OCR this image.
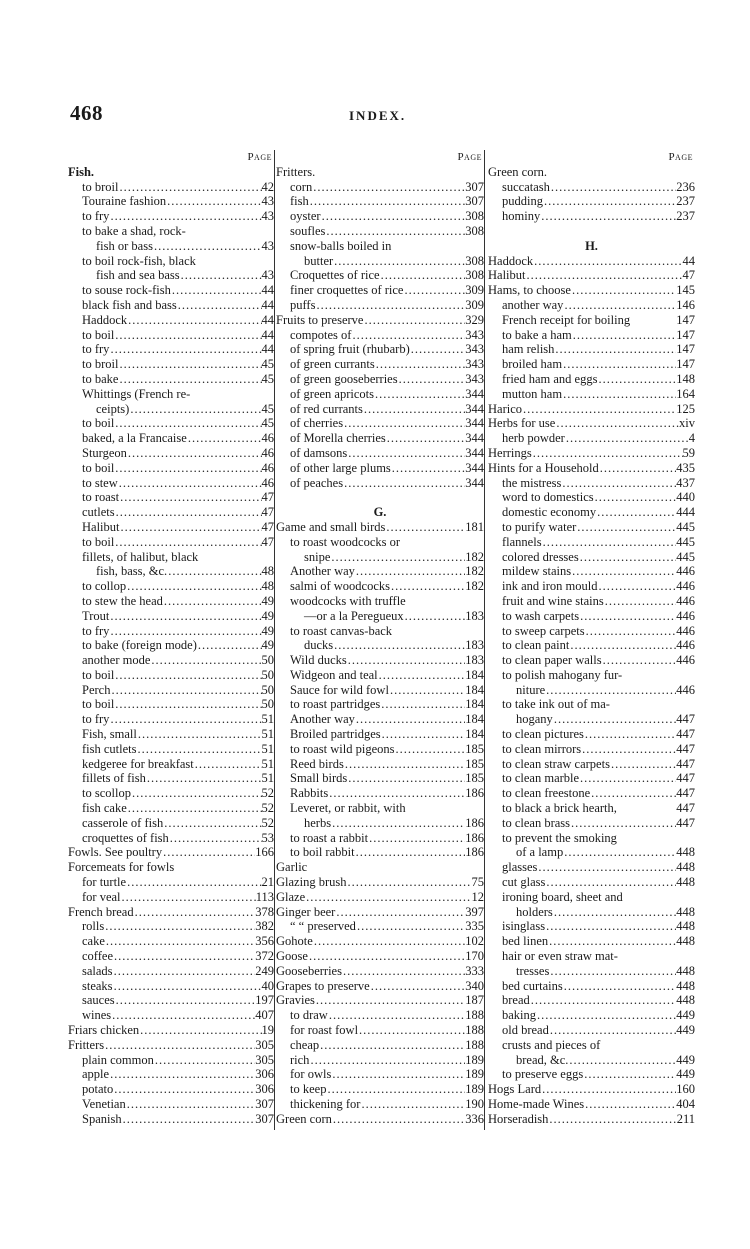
468	INDEX.
Page
Fish.
to broil .....	42
Touraine fashion .....	43
to fry .....	43
to bake a shad, rock-
fish or bass .....	43
to boil rock-fish, black
fish and sea bass .....	43
to souse rock-fish .....	44
black fish and bass .....	44
Haddock .....	44
to boil .....	44
to fry .....	44
to broil .....	45
to bake .....	45
Whittings (French re-
ceipts) .....	45
to boil .....	45
baked, a la Francaise .....	46
Sturgeon .....	46
to boil .....	46
to stew .....	46
to roast .....	47
cutlets .....	47
Halibut .....	47
to boil .....	47
fillets, of halibut, black
fish, bass, &c. .....	48
to collop .....	48
to stew the head .....	49
Trout .....	49
to fry .....	49
to bake (foreign mode) .....	49
another mode .....	50
to boil .....	50
Perch .....	50
to boil .....	50
to fry .....	51
Fish, small .....	51
fish cutlets .....	51
kedgeree for breakfast .....	51
fillets of fish .....	51
to scollop .....	52
fish cake .....	52
casserole of fish .....	52
croquettes of fish .....	53
Fowls. See poultry .....	166
Forcemeats for fowls
for turtle .....	21
for veal .....	113
French bread .....	378
rolls .....	382
cake .....	356
coffee .....	372
salads .....	249
steaks .....	40
sauces .....	197
wines .....	407
Friars chicken .....	19
Fritters .....	305
plain common .....	305
apple .....	306
potato .....	306
Venetian .....	307
Spanish .....	307
Page
Fritters.
corn .....	307
fish .....	307
oyster .....	308
soufles .....	308
snow-balls boiled in
butter .....	308
Croquettes of rice .....	308
finer croquettes of rice .....	309
puffs .....	309
Fruits to preserve .....	329
compotes of .....	343
of spring fruit (rhubarb) .....	343
of green currants .....	343
of green gooseberries .....	343
of green apricots .....	344
of red currants .....	344
of cherries .....	344
of Morella cherries .....	344
of damsons .....	344
of other large plums .....	344
of peaches .....	344
G.
Game and small birds .....	181
to roast woodcocks or
snipe .....	182
Another way .....	182
salmi of woodcocks .....	182
woodcocks with truffle
—or a la Peregueux .....	183
to roast canvas-back
ducks .....	183
Wild ducks .....	183
Widgeon and teal .....	184
Sauce for wild fowl .....	184
to roast partridges .....	184
Another way .....	184
Broiled partridges .....	184
to roast wild pigeons .....	185
Reed birds .....	185
Small birds .....	185
Rabbits .....	186
Leveret, or rabbit, with
herbs .....	186
to roast a rabbit .....	186
to boil rabbit .....	186
Garlic
Glazing brush .....	75
Glaze .....	12
Ginger beer .....	397
“ “ preserved .....	335
Gohote .....	102
Goose .....	170
Gooseberries .....	333
Grapes to preserve .....	340
Gravies .....	187
to draw .....	188
for roast fowl .....	188
cheap .....	188
rich .....	189
for owls .....	189
to keep .....	189
thickening for .....	190
Green corn .....	336
Page
Green corn.
succatash .....	236
pudding .....	237
hominy .....	237
H.
Haddock .....	44
Halibut .....	47
Hams, to choose .....	145
another way .....	146
French receipt for boiling	147
to bake a ham .....	147
ham relish .....	147
broiled ham .....	147
fried ham and eggs .....	148
mutton ham .....	164
Harico .....	125
Herbs for use .....	xiv
herb powder .....	4
Herrings .....	59
Hints for a Household .....	435
the mistress .....	437
word to domestics .....	440
domestic economy .....	444
to purify water .....	445
flannels .....	445
colored dresses .....	445
mildew stains .....	446
ink and iron mould .....	446
fruit and wine stains .....	446
to wash carpets .....	446
to sweep carpets .....	446
to clean paint .....	446
to clean paper walls .....	446
to polish mahogany fur-
niture .....	446
to take ink out of ma-
hogany .....	447
to clean pictures .....	447
to clean mirrors .....	447
to clean straw carpets .....	447
to clean marble .....	447
to clean freestone .....	447
to black a brick hearth,	447
to clean brass .....	447
to prevent the smoking
of a lamp .....	448
glasses .....	448
cut glass .....	448
ironing board, sheet and
holders .....	448
isinglass .....	448
bed linen .....	448
hair or even straw mat-
tresses .....	448
bed curtains .....	448
bread .....	448
baking .....	449
old bread .....	449
crusts and pieces of
bread, &c. .....	449
to preserve eggs .....	449
Hogs Lard .....	160
Home-made Wines .....	404
Horseradish .....	211
